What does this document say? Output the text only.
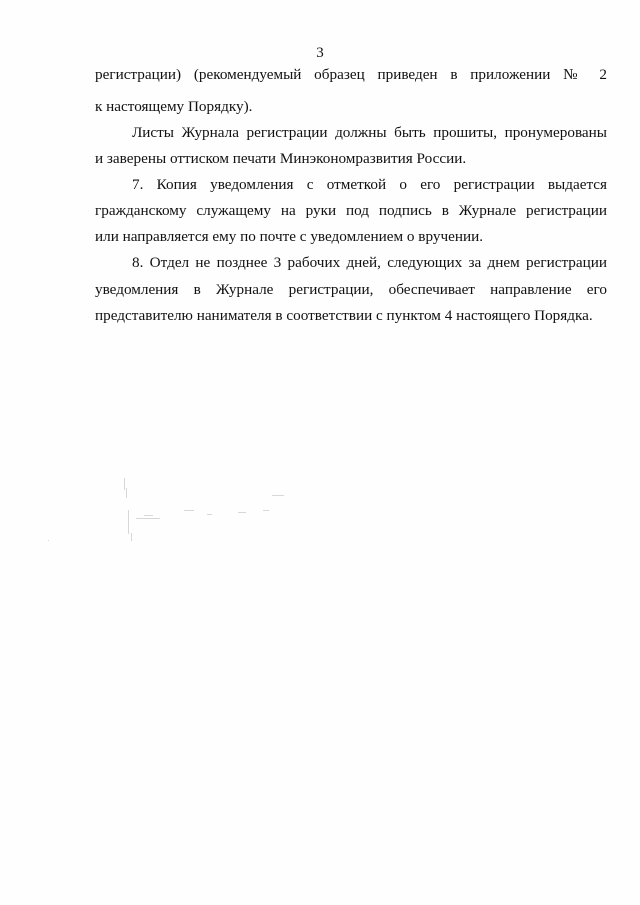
3
регистрации) (рекомендуемый образец приведен в приложении № 2
к настоящему Порядку).
Листы Журнала регистрации должны быть прошиты, пронумерованы
и заверены оттиском печати Минэкономразвития России.
7. Копия уведомления с отметкой о его регистрации выдается
гражданскому служащему на руки под подпись в Журнале регистрации
или направляется ему по почте с уведомлением о вручении.
8. Отдел не позднее 3 рабочих дней, следующих за днем регистрации
уведомления в Журнале регистрации, обеспечивает направление его
представителю нанимателя в соответствии с пунктом 4 настоящего Порядка.
